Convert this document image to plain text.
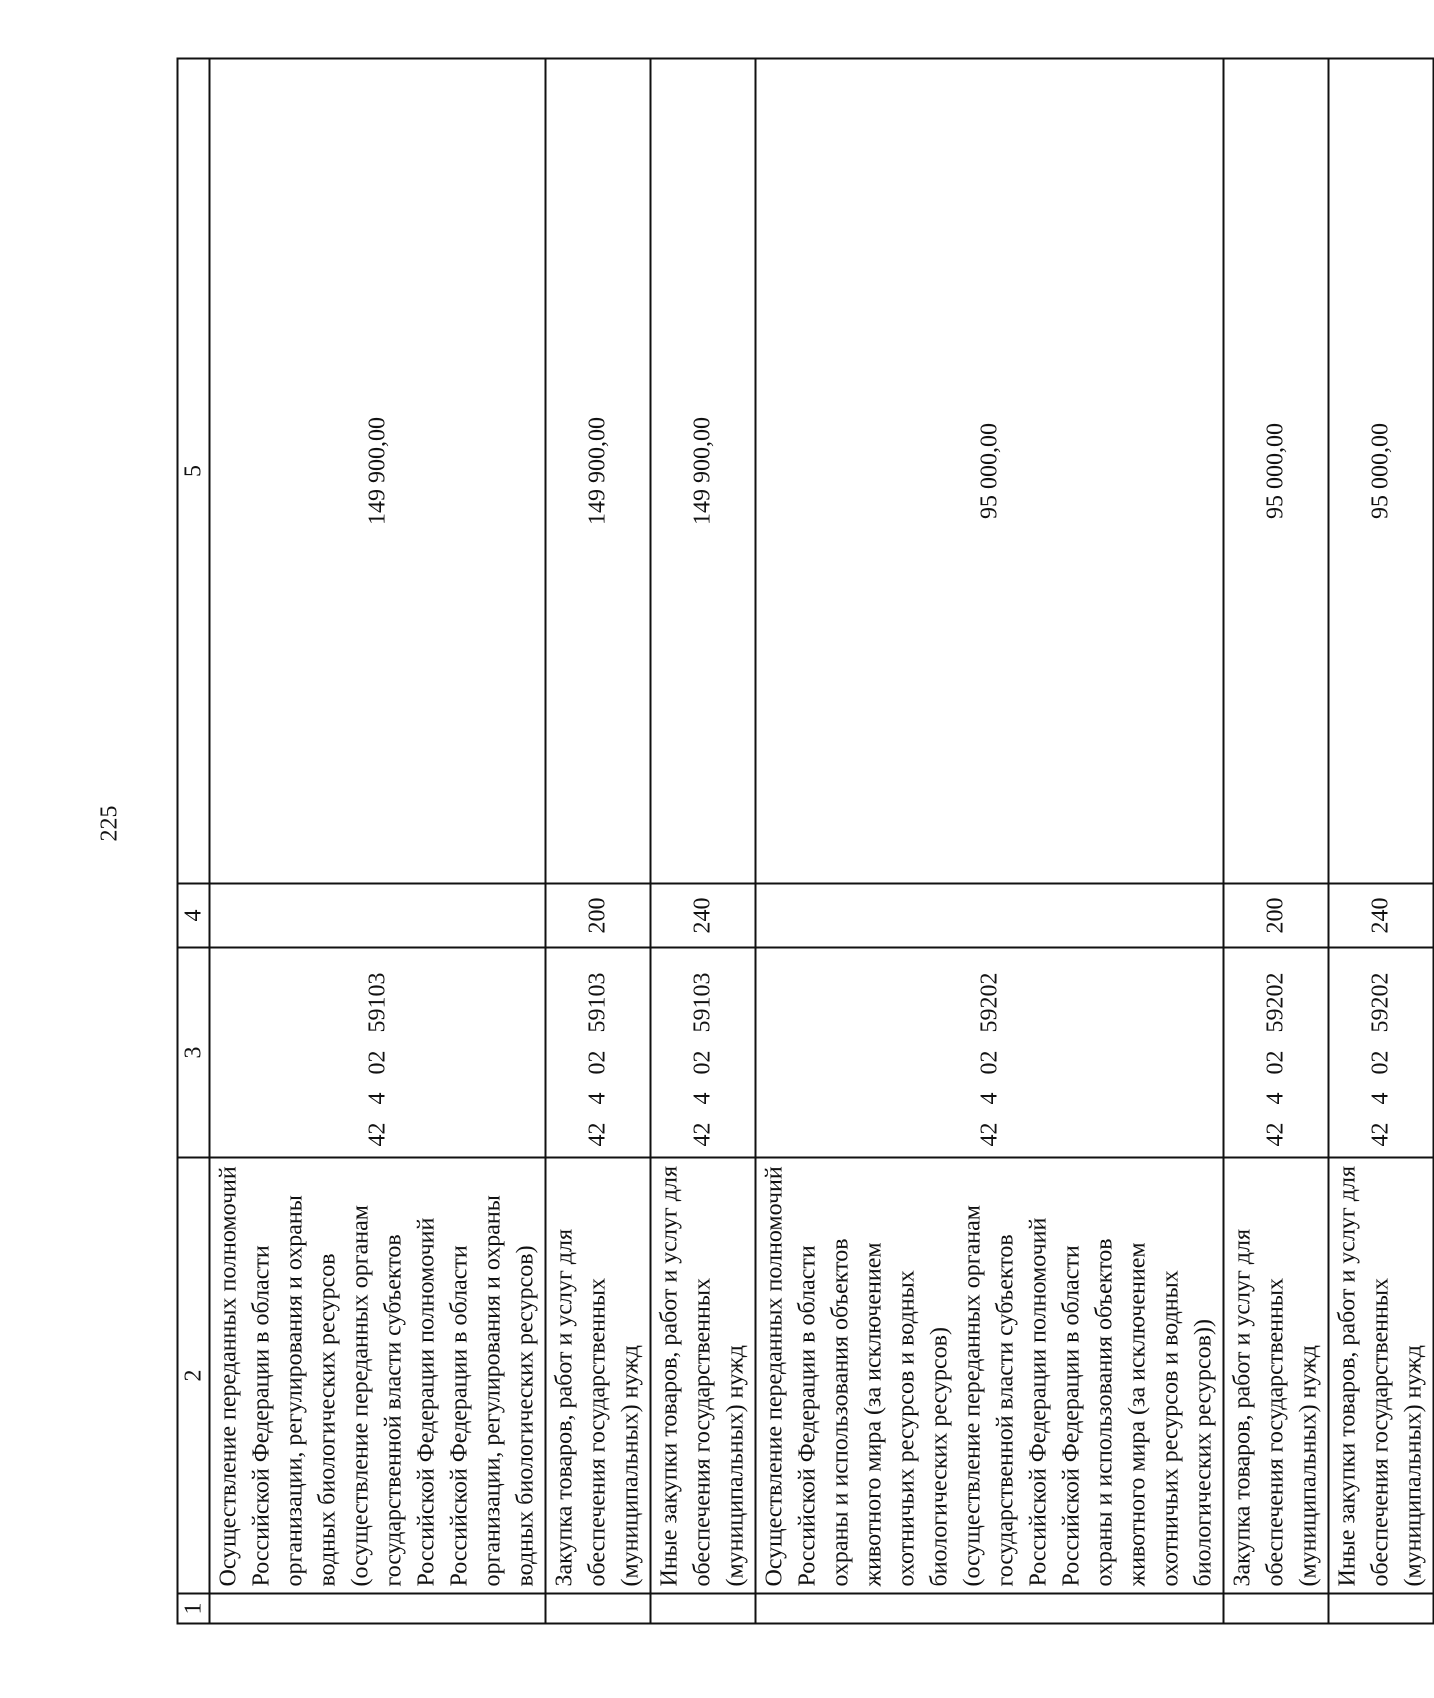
225
1	2	3	4	5
	Осуществление переданных полномочий Российской Федерации в области организации, регулирования и охраны водных биологических ресурсов (осуществление переданных органам государственной власти субъектов Российской Федерации полномочий Российской Федерации в области организации, регулирования и охраны водных биологических ресурсов)	42 4 02 59103		149 900,00
	Закупка товаров, работ и услуг для обеспечения государственных (муниципальных) нужд	42 4 02 59103	200	149 900,00
	Иные закупки товаров, работ и услуг для обеспечения государственных (муниципальных) нужд	42 4 02 59103	240	149 900,00
	Осуществление переданных полномочий Российской Федерации в области охраны и использования объектов животного мира (за исключением охотничьих ресурсов и водных биологических ресурсов) (осуществление переданных органам государственной власти субъектов Российской Федерации полномочий Российской Федерации в области охраны и использования объектов животного мира (за исключением охотничьих ресурсов и водных биологических ресурсов))	42 4 02 59202		95 000,00
	Закупка товаров, работ и услуг для обеспечения государственных (муниципальных) нужд	42 4 02 59202	200	95 000,00
	Иные закупки товаров, работ и услуг для обеспечения государственных (муниципальных) нужд	42 4 02 59202	240	95 000,00
